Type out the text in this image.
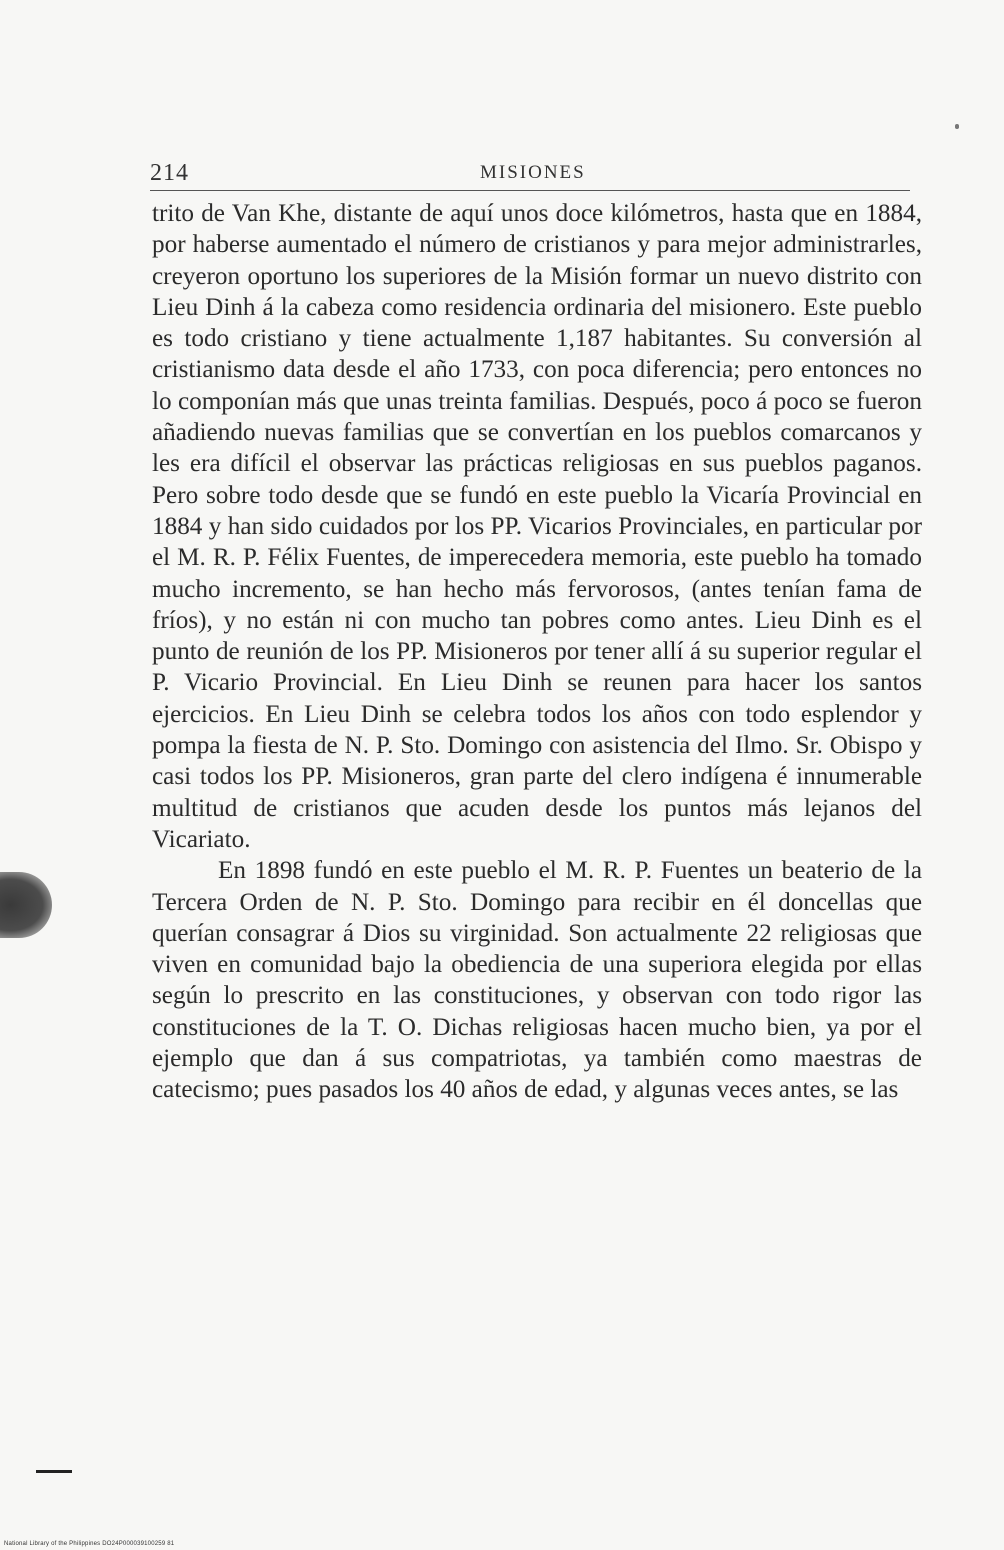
214	MISIONES

trito de Van Khe, distante de aquí unos doce kilómetros, hasta que en 1884, por haberse aumentado el número de cristianos y para mejor administrarles, creyeron oportuno los superiores de la Misión formar un nuevo distrito con Lieu Dinh á la cabeza como residencia ordinaria del misionero. Este pueblo es todo cristiano y tiene actualmente 1,187 habitantes. Su conversión al cristianismo data desde el año 1733, con poca diferencia; pero entonces no lo componían más que unas treinta familias. Después, poco á poco se fueron añadiendo nuevas familias que se convertían en los pueblos comarcanos y les era difícil el observar las prácticas religiosas en sus pueblos paganos. Pero sobre todo desde que se fundó en este pueblo la Vicaría Provincial en 1884 y han sido cuidados por los PP. Vicarios Provinciales, en particular por el M. R. P. Félix Fuentes, de imperecedera memoria, este pueblo ha tomado mucho incremento, se han hecho más fervorosos, (antes tenían fama de fríos), y no están ni con mucho tan pobres como antes. Lieu Dinh es el punto de reunión de los PP. Misioneros por tener allí á su superior regular el P. Vicario Provincial. En Lieu Dinh se reunen para hacer los santos ejercicios. En Lieu Dinh se celebra todos los años con todo esplendor y pompa la fiesta de N. P. Sto. Domingo con asistencia del Ilmo. Sr. Obispo y casi todos los PP. Misioneros, gran parte del clero indígena é innumerable multitud de cristianos que acuden desde los puntos más lejanos del Vicariato.

En 1898 fundó en este pueblo el M. R. P. Fuentes un beaterio de la Tercera Orden de N. P. Sto. Domingo para recibir en él doncellas que querían consagrar á Dios su virginidad. Son actualmente 22 religiosas que viven en comunidad bajo la obediencia de una superiora elegida por ellas según lo prescrito en las constituciones, y observan con todo rigor las constituciones de la T. O. Dichas religiosas hacen mucho bien, ya por el ejemplo que dan á sus compatriotas, ya también como maestras de catecismo; pues pasados los 40 años de edad, y algunas veces antes, se las

National Library of the Philippines DO24P000039100259 81
